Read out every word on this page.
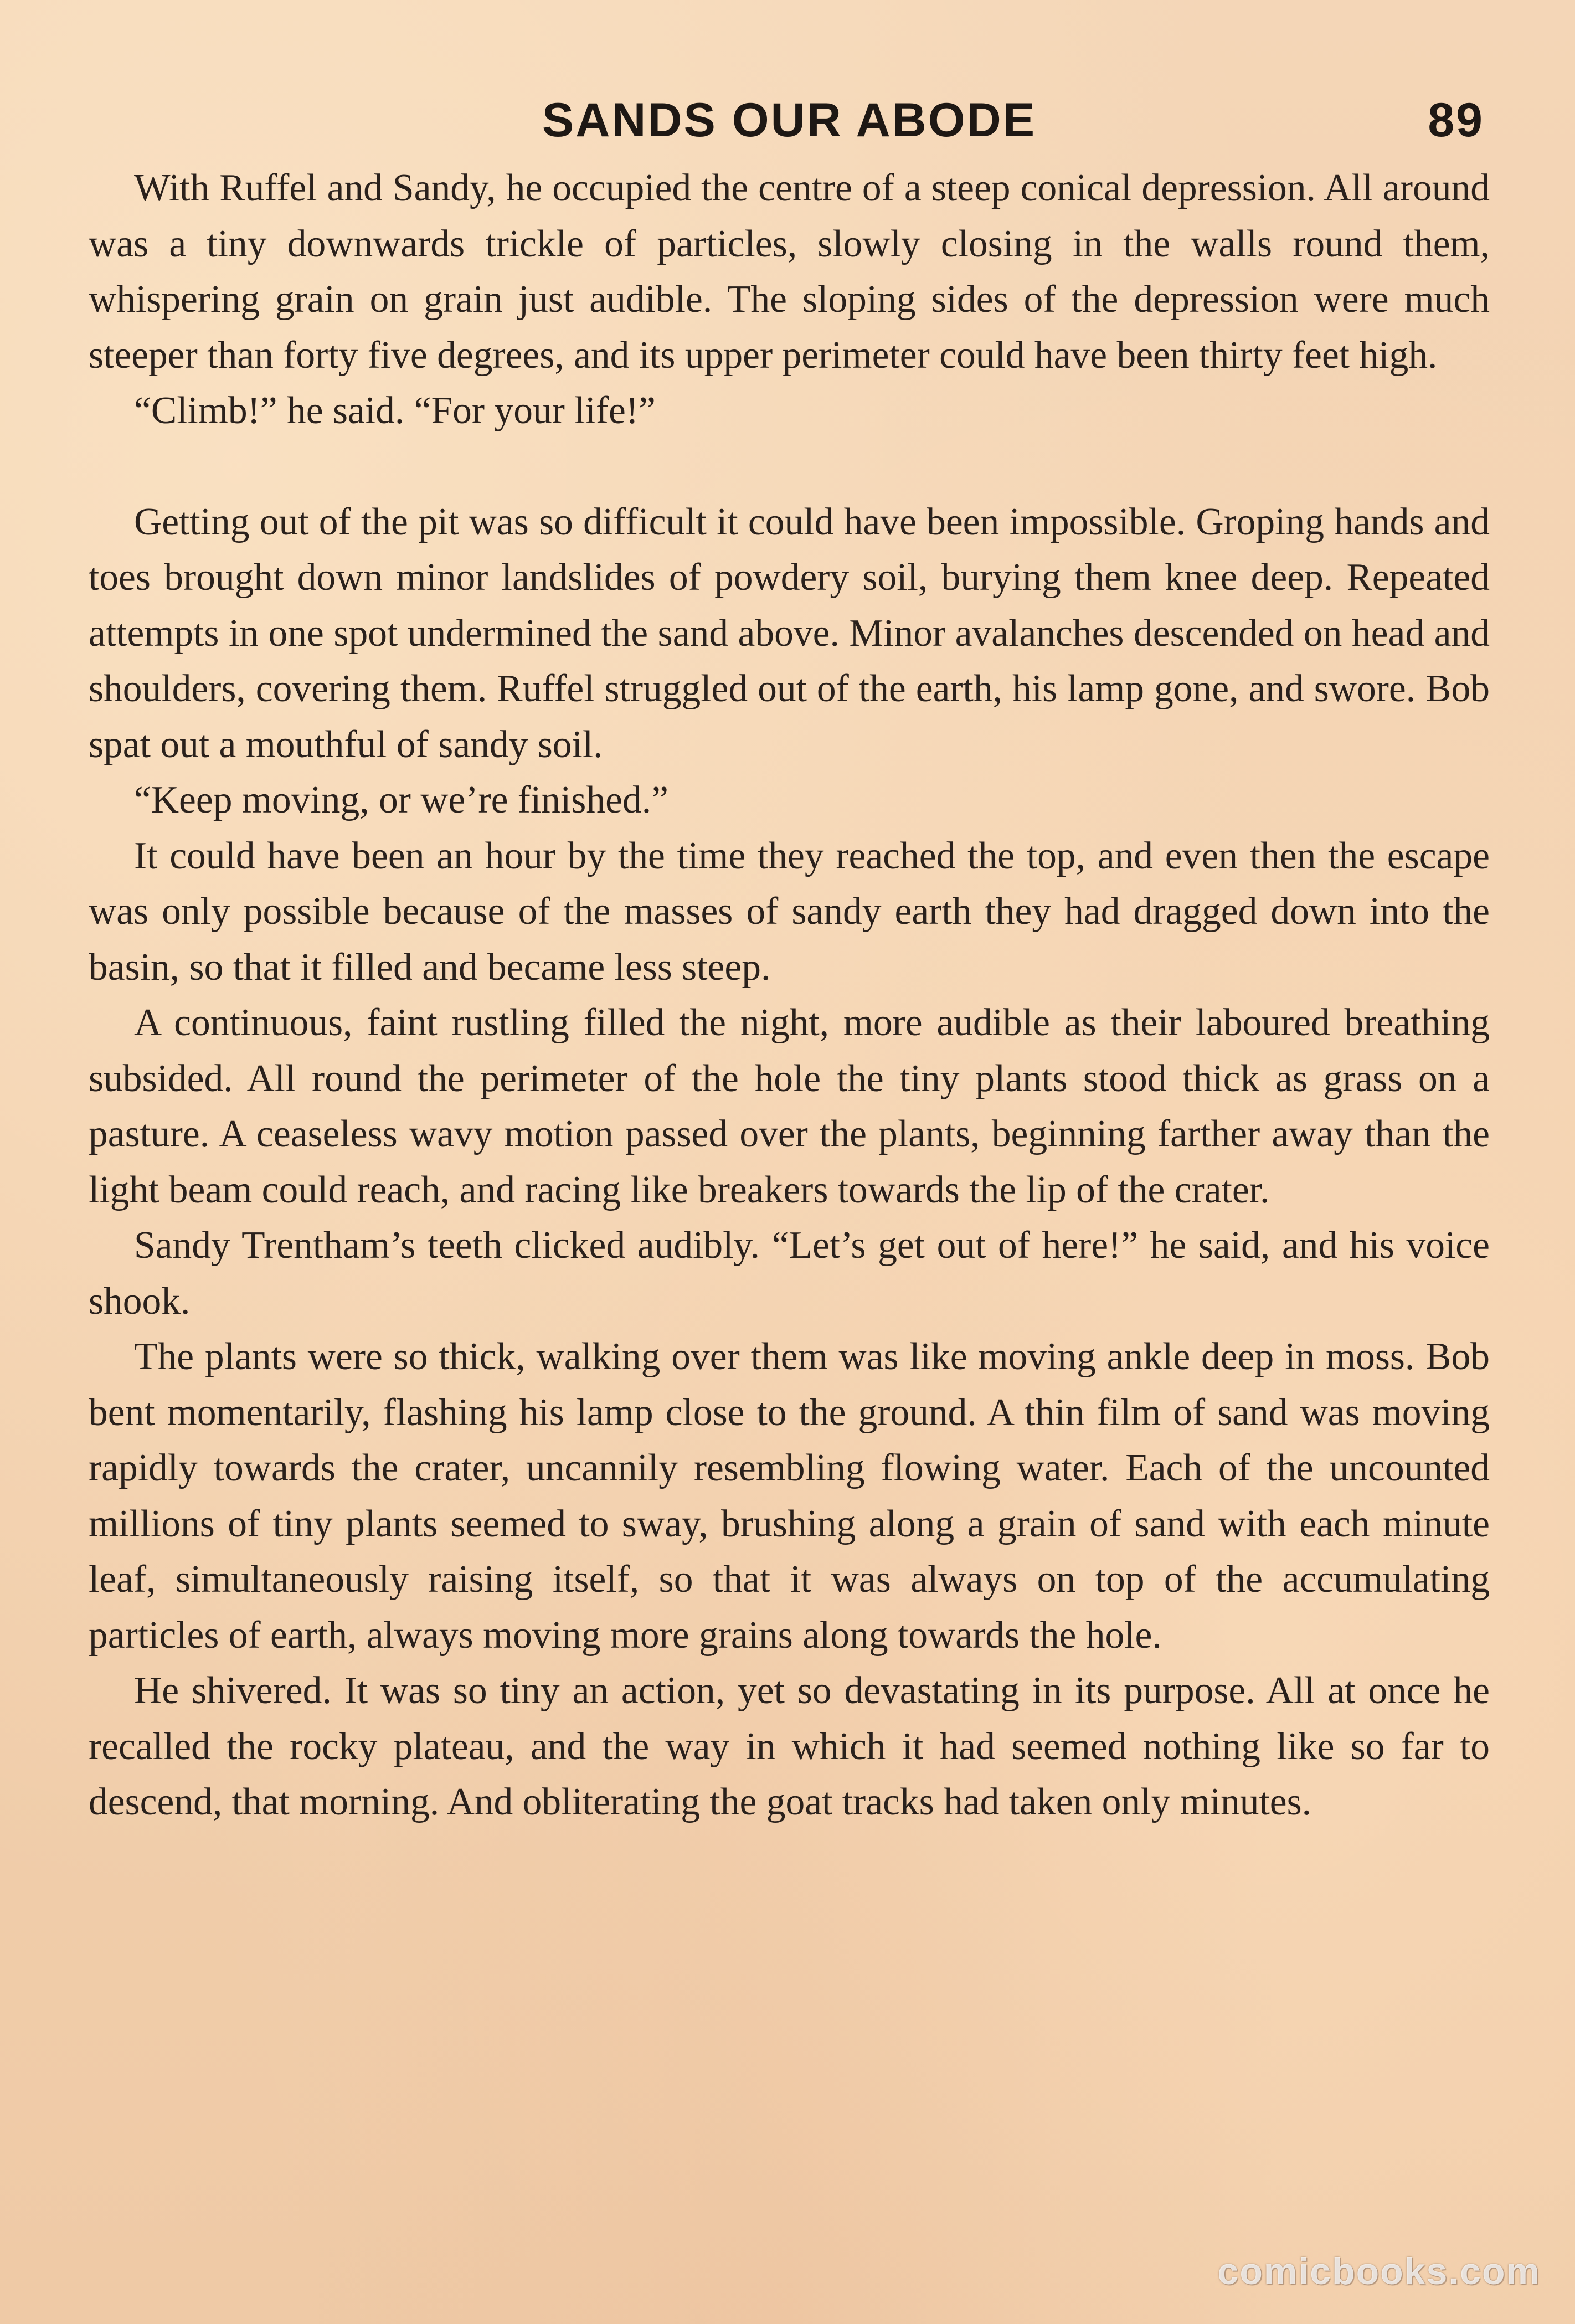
SANDS OUR ABODE	89

With Ruffel and Sandy, he occupied the centre of a steep conical depression. All around was a tiny downwards trickle of particles, slowly closing in the walls round them, whispering grain on grain just audible. The sloping sides of the depression were much steeper than forty five degrees, and its upper perimeter could have been thirty feet high.

“Climb!” he said. “For your life!”

Getting out of the pit was so difficult it could have been impossible. Groping hands and toes brought down minor landslides of powdery soil, burying them knee deep. Repeated attempts in one spot undermined the sand above. Minor avalanches descended on head and shoulders, covering them. Ruffel struggled out of the earth, his lamp gone, and swore. Bob spat out a mouthful of sandy soil.

“Keep moving, or we’re finished.”

It could have been an hour by the time they reached the top, and even then the escape was only possible because of the masses of sandy earth they had dragged down into the basin, so that it filled and became less steep.

A continuous, faint rustling filled the night, more audible as their laboured breathing subsided. All round the perimeter of the hole the tiny plants stood thick as grass on a pasture. A ceaseless wavy motion passed over the plants, beginning farther away than the light beam could reach, and racing like breakers towards the lip of the crater.

Sandy Trentham’s teeth clicked audibly. “Let’s get out of here!” he said, and his voice shook.

The plants were so thick, walking over them was like moving ankle deep in moss. Bob bent momentarily, flashing his lamp close to the ground. A thin film of sand was moving rapidly towards the crater, uncannily resembling flowing water. Each of the uncounted millions of tiny plants seemed to sway, brushing along a grain of sand with each minute leaf, simultaneously raising itself, so that it was always on top of the accumulating particles of earth, always moving more grains along towards the hole.

He shivered. It was so tiny an action, yet so devastating in its purpose. All at once he recalled the rocky plateau, and the way in which it had seemed nothing like so far to descend, that morning. And obliterating the goat tracks had taken only minutes.

comicbooks.com
